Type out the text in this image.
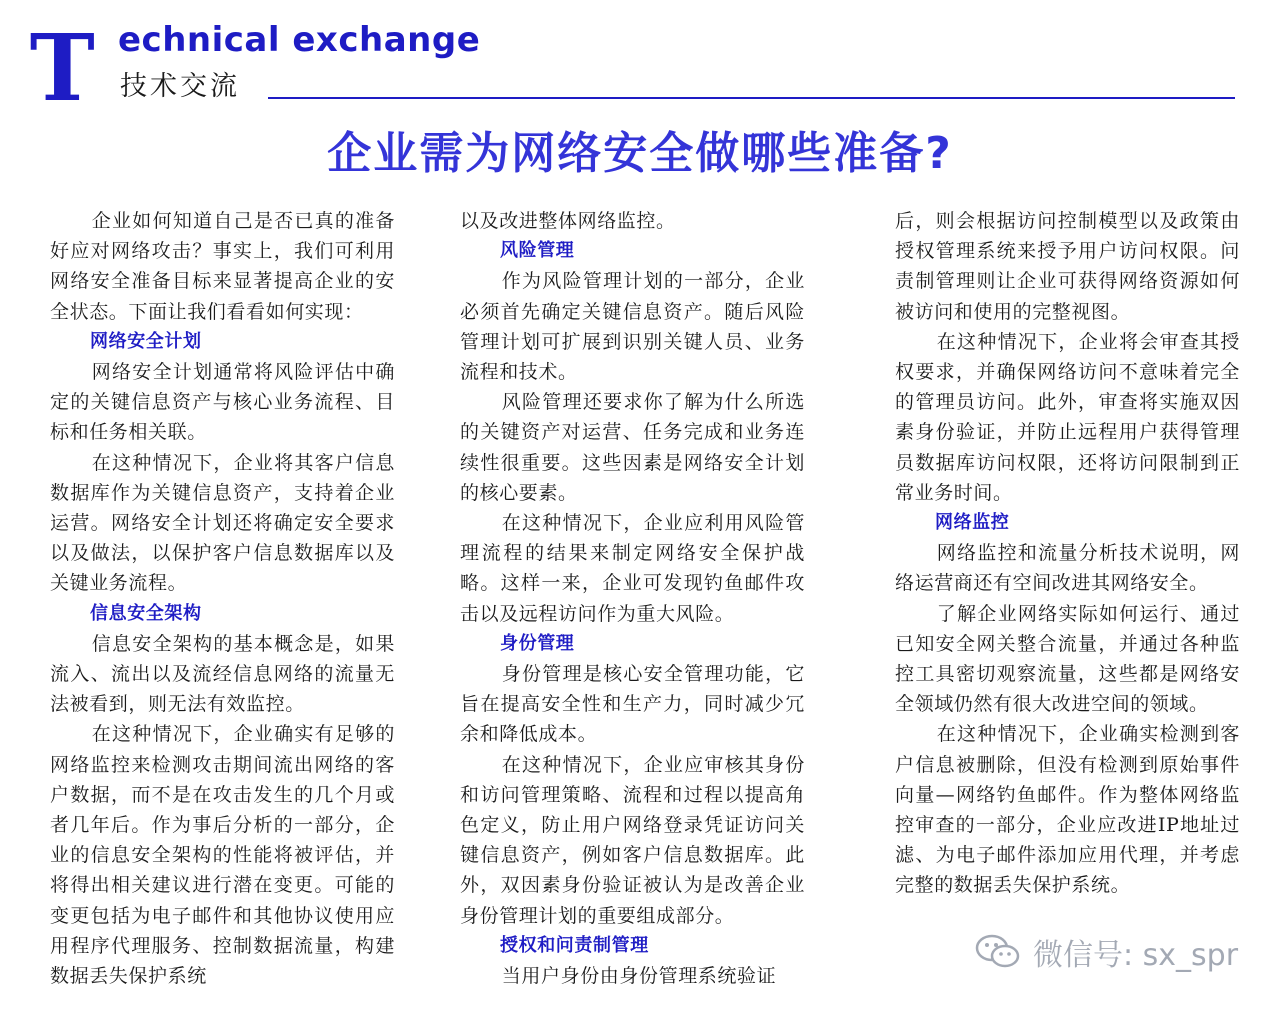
T echnical exchange
技术交流
企业需为网络安全做哪些准备?

企业如何知道自己是否已真的准备好应对网络攻击？事实上，我们可利用网络安全准备目标来显著提高企业的安全状态。下面让我们看看如何实现：

网络安全计划

网络安全计划通常将风险评估中确定的关键信息资产与核心业务流程、目标和任务相关联。

在这种情况下，企业将其客户信息数据库作为关键信息资产，支持着企业运营。网络安全计划还将确定安全要求以及做法，以保护客户信息数据库以及关键业务流程。

信息安全架构

信息安全架构的基本概念是，如果流入、流出以及流经信息网络的流量无法被看到，则无法有效监控。

在这种情况下，企业确实有足够的网络监控来检测攻击期间流出网络的客户数据，而不是在攻击发生的几个月或者几年后。作为事后分析的一部分，企业的信息安全架构的性能将被评估，并将得出相关建议进行潜在变更。可能的变更包括为电子邮件和其他协议使用应用程序代理服务、控制数据流量，构建数据丢失保护系统

以及改进整体网络监控。

风险管理

作为风险管理计划的一部分，企业必须首先确定关键信息资产。随后风险管理计划可扩展到识别关键人员、业务流程和技术。

风险管理还要求你了解为什么所选的关键资产对运营、任务完成和业务连续性很重要。这些因素是网络安全计划的核心要素。

在这种情况下，企业应利用风险管理流程的结果来制定网络安全保护战略。这样一来，企业可发现钓鱼邮件攻击以及远程访问作为重大风险。

身份管理

身份管理是核心安全管理功能，它旨在提高安全性和生产力，同时减少冗余和降低成本。

在这种情况下，企业应审核其身份和访问管理策略、流程和过程以提高角色定义，防止用户网络登录凭证访问关键信息资产，例如客户信息数据库。此外，双因素身份验证被认为是改善企业身份管理计划的重要组成部分。

授权和问责制管理

当用户身份由身份管理系统验证

后，则会根据访问控制模型以及政策由授权管理系统来授予用户访问权限。问责制管理则让企业可获得网络资源如何被访问和使用的完整视图。

在这种情况下，企业将会审查其授权要求，并确保网络访问不意味着完全的管理员访问。此外，审查将实施双因素身份验证，并防止远程用户获得管理员数据库访问权限，还将访问限制到正常业务时间。

网络监控

网络监控和流量分析技术说明，网络运营商还有空间改进其网络安全。

了解企业网络实际如何运行、通过已知安全网关整合流量，并通过各种监控工具密切观察流量，这些都是网络安全领域仍然有很大改进空间的领域。

在这种情况下，企业确实检测到客户信息被删除，但没有检测到原始事件向量—网络钓鱼邮件。作为整体网络监控审查的一部分，企业应改进IP地址过滤、为电子邮件添加应用代理，并考虑完整的数据丢失保护系统。

微信号: sx_spr
